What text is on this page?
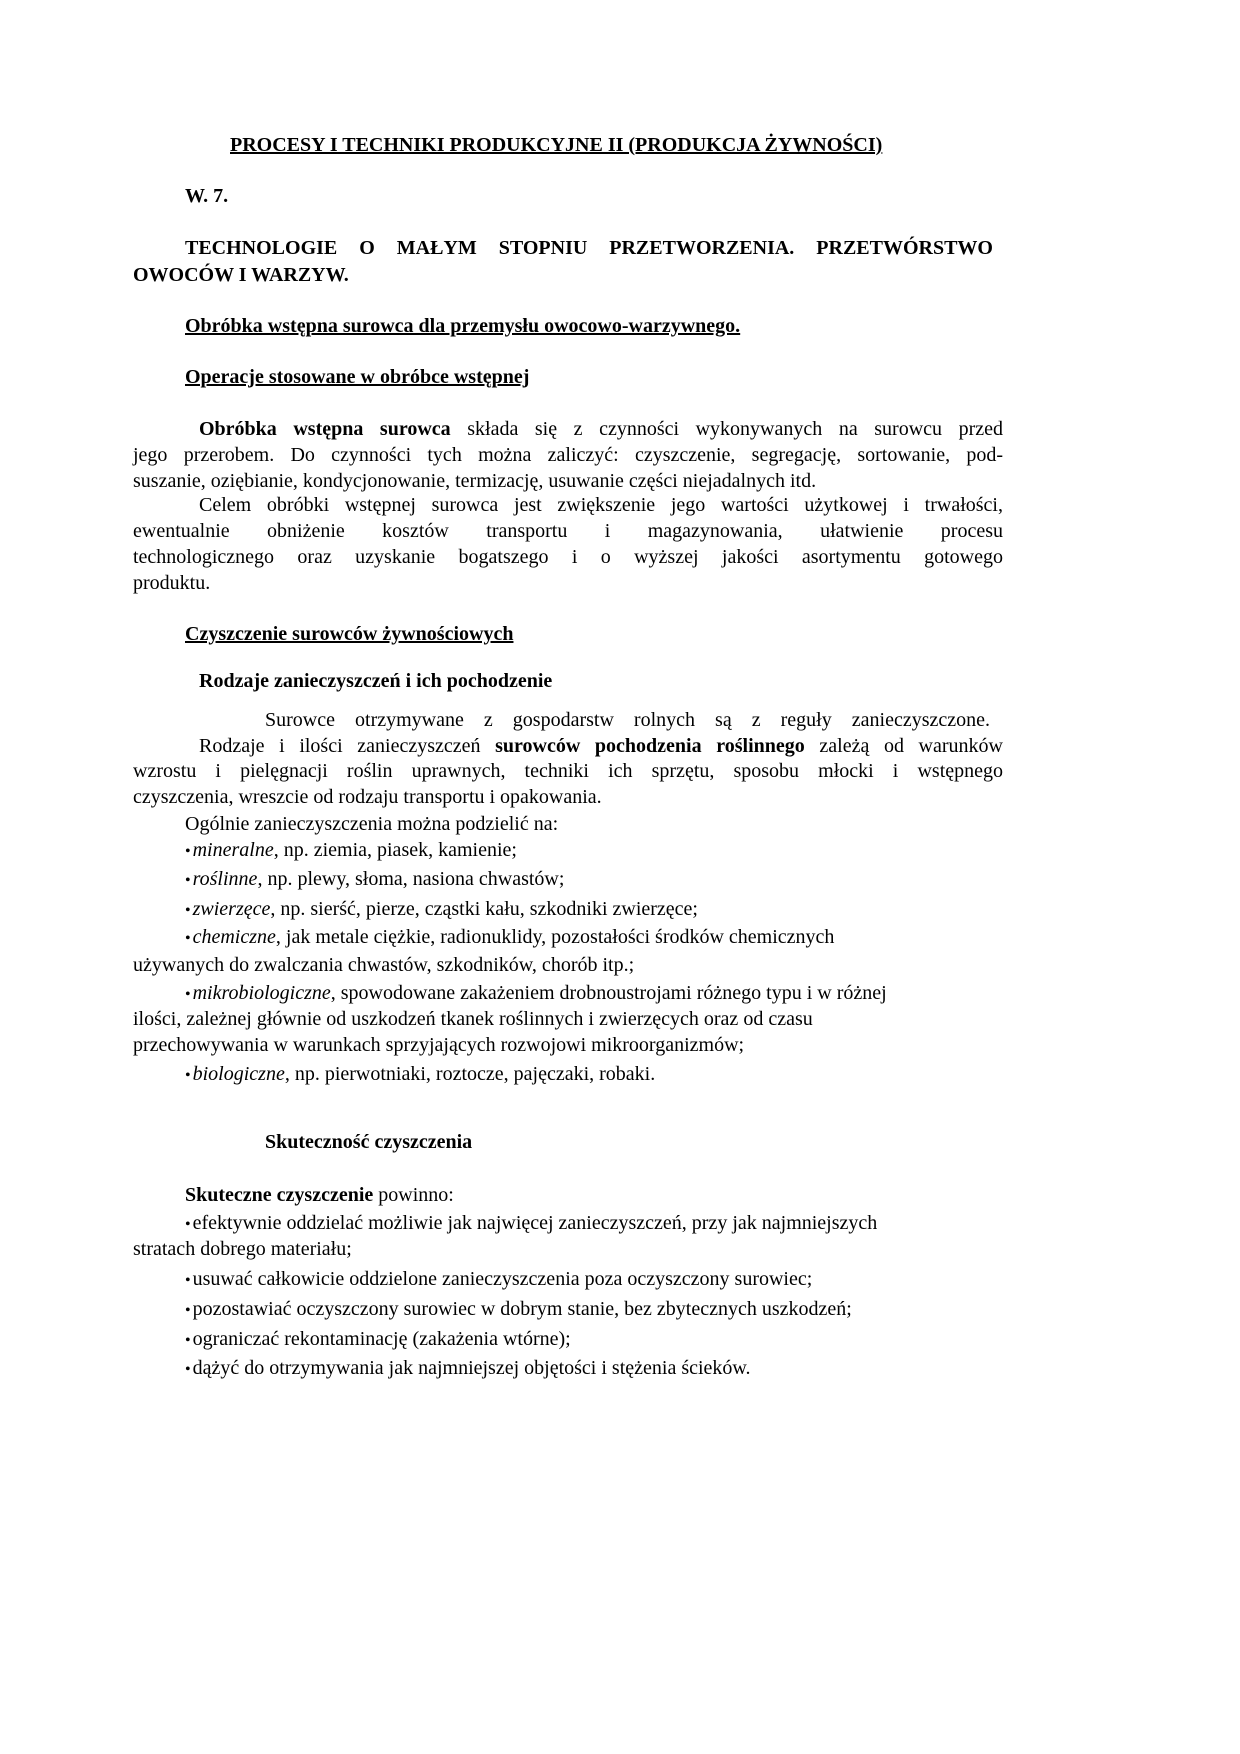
PROCESY I TECHNIKI PRODUKCYJNE II (PRODUKCJA ŻYWNOŚCI)
W. 7.
TECHNOLOGIE O MAŁYM STOPNIU PRZETWORZENIA. PRZETWÓRSTWO
OWOCÓW I WARZYW.
Obróbka wstępna surowca dla przemysłu owocowo-warzywnego.
Operacje stosowane w obróbce wstępnej
Obróbka wstępna surowca składa się z czynności wykonywanych na surowcu przed
jego przerobem. Do czynności tych można zaliczyć: czyszczenie, segregację, sortowanie, pod-
suszanie, oziębianie, kondycjonowanie, termizację, usuwanie części niejadalnych itd.
Celem obróbki wstępnej surowca jest zwiększenie jego wartości użytkowej i trwałości,
ewentualnie obniżenie kosztów transportu i magazynowania, ułatwienie procesu
technologicznego oraz uzyskanie bogatszego i o wyższej jakości asortymentu gotowego
produktu.
Czyszczenie surowców żywnościowych
Rodzaje zanieczyszczeń i ich pochodzenie
Surowce otrzymywane z gospodarstw rolnych są z reguły zanieczyszczone.
Rodzaje i ilości zanieczyszczeń surowców pochodzenia roślinnego zależą od warunków
wzrostu i pielęgnacji roślin uprawnych, techniki ich sprzętu, sposobu młocki i wstępnego
czyszczenia, wreszcie od rodzaju transportu i opakowania.
Ogólnie zanieczyszczenia można podzielić na:
• mineralne, np. ziemia, piasek, kamienie;
• roślinne, np. plewy, słoma, nasiona chwastów;
• zwierzęce, np. sierść, pierze, cząstki kału, szkodniki zwierzęce;
• chemiczne, jak metale ciężkie, radionuklidy, pozostałości środków chemicznych
używanych do zwalczania chwastów, szkodników, chorób itp.;
• mikrobiologiczne, spowodowane zakażeniem drobnoustrojami różnego typu i w różnej
ilości, zależnej głównie od uszkodzeń tkanek roślinnych i zwierzęcych oraz od czasu
przechowywania w warunkach sprzyjających rozwojowi mikroorganizmów;
• biologiczne, np. pierwotniaki, roztocze, pajęczaki, robaki.
Skuteczność czyszczenia
Skuteczne czyszczenie powinno:
• efektywnie oddzielać możliwie jak najwięcej zanieczyszczeń, przy jak najmniejszych
stratach dobrego materiału;
• usuwać całkowicie oddzielone zanieczyszczenia poza oczyszczony surowiec;
• pozostawiać oczyszczony surowiec w dobrym stanie, bez zbytecznych uszkodzeń;
• ograniczać rekontaminację (zakażenia wtórne);
• dążyć do otrzymywania jak najmniejszej objętości i stężenia ścieków.
